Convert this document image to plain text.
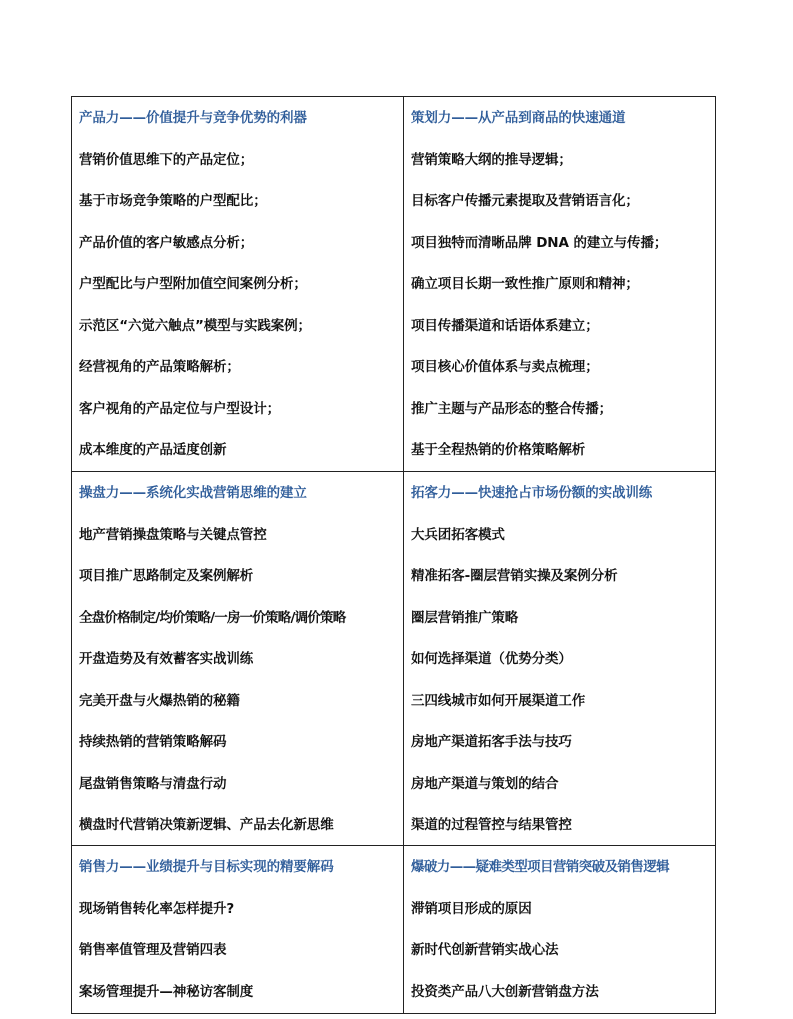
产品力——价值提升与竞争优势的利器
营销价值思维下的产品定位；
基于市场竞争策略的户型配比；
产品价值的客户敏感点分析；
户型配比与户型附加值空间案例分析；
示范区“六觉六触点”模型与实践案例；
经营视角的产品策略解析；
客户视角的产品定位与户型设计；
成本维度的产品适度创新
策划力——从产品到商品的快速通道
营销策略大纲的推导逻辑；
目标客户传播元素提取及营销语言化；
项目独特而清晰品牌 DNA 的建立与传播；
确立项目长期一致性推广原则和精神；
项目传播渠道和话语体系建立；
项目核心价值体系与卖点梳理；
推广主题与产品形态的整合传播；
基于全程热销的价格策略解析
操盘力——系统化实战营销思维的建立
地产营销操盘策略与关键点管控
项目推广思路制定及案例解析
全盘价格制定/均价策略/一房一价策略/调价策略
开盘造势及有效蓄客实战训练
完美开盘与火爆热销的秘籍
持续热销的营销策略解码
尾盘销售策略与清盘行动
横盘时代营销决策新逻辑、产品去化新思维
拓客力——快速抢占市场份额的实战训练
大兵团拓客模式
精准拓客-圈层营销实操及案例分析
圈层营销推广策略
如何选择渠道（优势分类）
三四线城市如何开展渠道工作
房地产渠道拓客手法与技巧
房地产渠道与策划的结合
渠道的过程管控与结果管控
销售力——业绩提升与目标实现的精要解码
现场销售转化率怎样提升?
销售率值管理及营销四表
案场管理提升—神秘访客制度
爆破力——疑难类型项目营销突破及销售逻辑
滞销项目形成的原因
新时代创新营销实战心法
投资类产品八大创新营销盘方法
